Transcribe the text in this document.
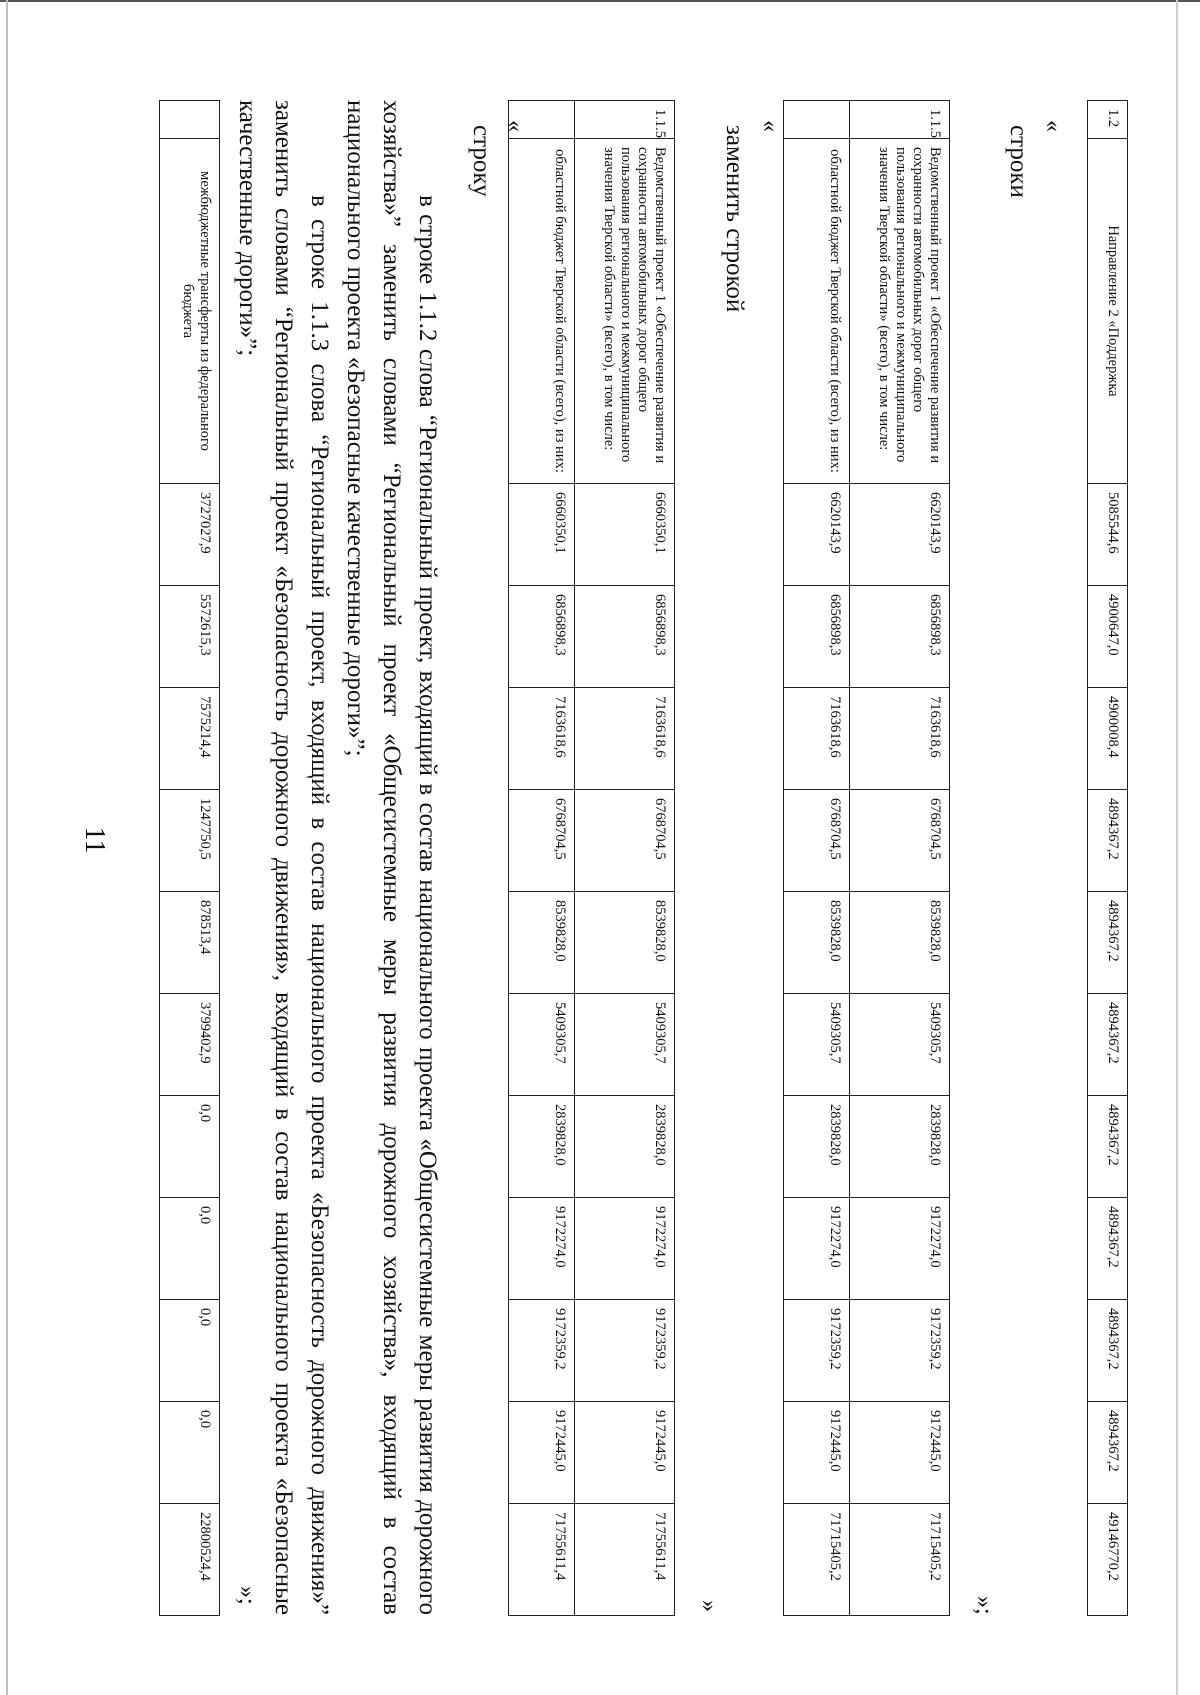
11
	межбюджетные трансферты из федерального бюджета	3727027,9	5572615,3	7575214,4	1247750,5	878513,4	3799402,9	0,0	0,0	0,0	0,0	22800524,4
»;	в строке 1.1.2 слова “Региональный проект, входящий в состав национального проекта «Общесистемные меры развития дорожного хозяйства»” заменить словами “Региональный проект «Общесистемные меры развития дорожного хозяйства», входящий в состав национального проекта «Безопасные качественные дороги»”;

в строке 1.1.3 слова “Региональный проект, входящий в состав национального проекта «Безопасность дорожного движения»” заменить словами “Региональный проект «Безопасность дорожного движения», входящий в состав национального проекта «Безопасные качественные дороги»”;	строку «	1.1.5	Ведомственный проект 1 «Обеспечение развития и сохранности автомобильных дорог общего пользования регионального и межмуниципального значения Тверской области» (всего), в том числе:	6660350,1	6856898,3	7163618,6	6768704,5	8539828,0	5409305,7	2839828,0	9172274,0	9172359,2	9172445,0	71755611,4
	областной бюджет Тверской области (всего), из них:	6660350,1	6856898,3	7163618,6	6768704,5	8539828,0	5409305,7	2839828,0	9172274,0	9172359,2	9172445,0	71755611,4
»
заменить строкой «	1.1.5	Ведомственный проект 1 «Обеспечение развития и сохранности автомобильных дорог общего пользования регионального и межмуниципального значения Тверской области» (всего), в том числе:	6620143,9	6856898,3	7163618,6	6768704,5	8539828,0	5409305,7	2839828,0	9172274,0	9172359,2	9172445,0	71715405,2
	областной бюджет Тверской области (всего), из них:	6620143,9	6856898,3	7163618,6	6768704,5	8539828,0	5409305,7	2839828,0	9172274,0	9172359,2	9172445,0	71715405,2
»;
строки «	1.2	Направление 2 «Поддержка	5085544,6	4900647,0	4900008,4	4894367,2	4894367,2	4894367,2	4894367,2	4894367,2	4894367,2	4894367,2	49146770,2
